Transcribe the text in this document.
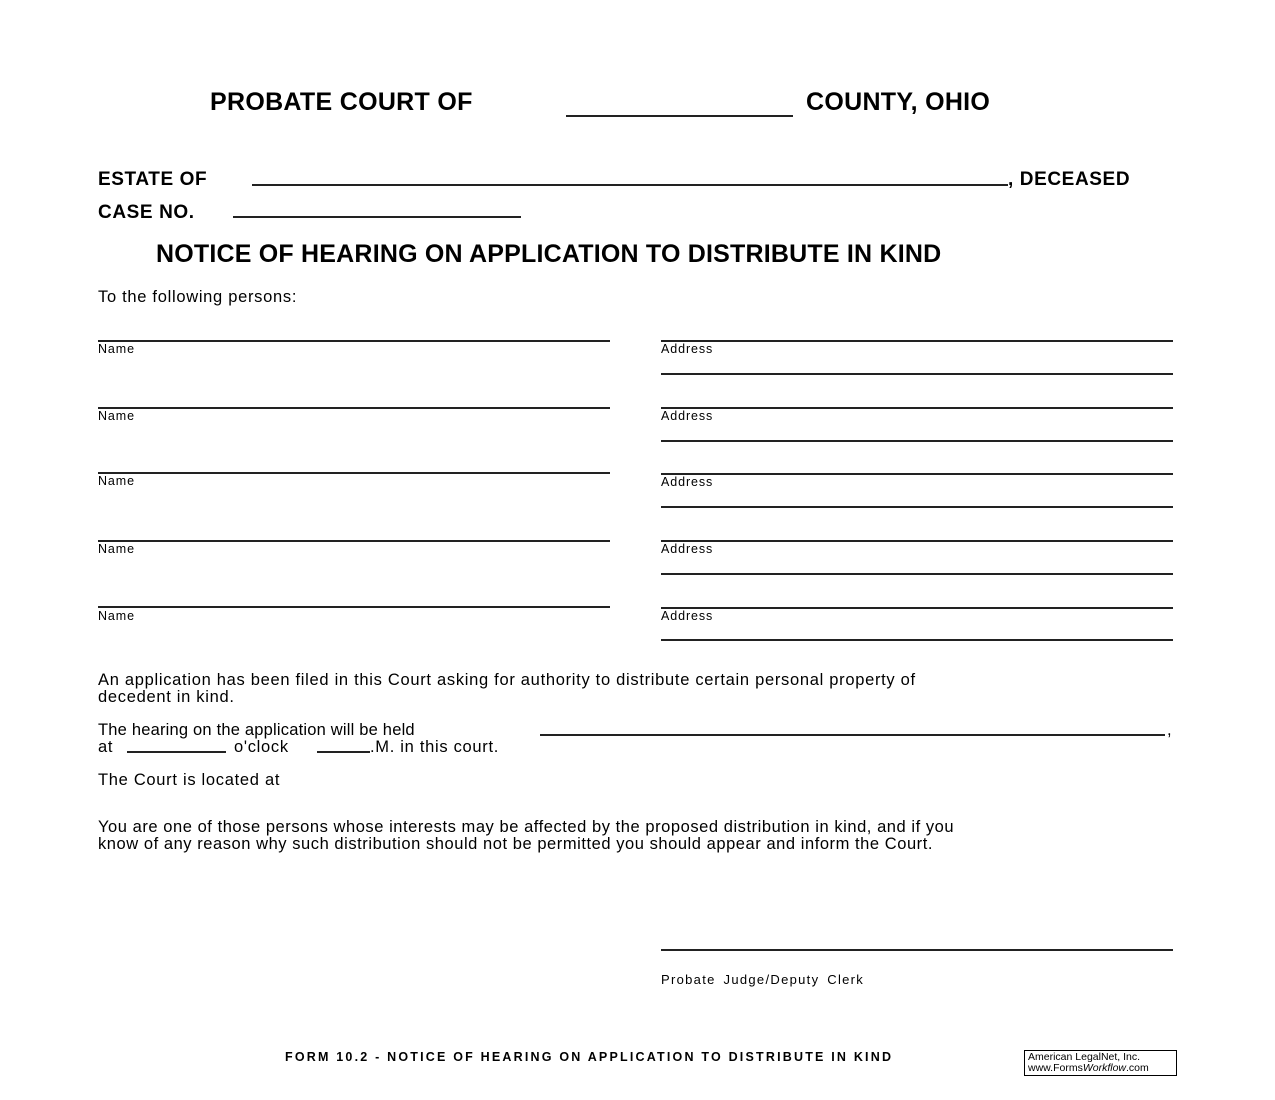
PROBATE COURT OF	COUNTY, OHIO
ESTATE OF	, DECEASED
CASE NO.
NOTICE OF HEARING ON APPLICATION TO DISTRIBUTE IN KIND
To the following persons:
Name	Address
Name	Address
Name	Address
Name	Address
Name	Address
An application has been filed in this Court asking for authority to distribute certain personal property of
decedent in kind.
The hearing on the application will be held	,
at	o'clock	.M. in this court.
The Court is located at
You are one of those persons whose interests may be affected by the proposed distribution in kind, and if you
know of any reason why such distribution should not be permitted you should appear and inform the Court.
Probate Judge/Deputy Clerk
FORM 10.2 - NOTICE OF HEARING ON APPLICATION TO DISTRIBUTE IN KIND	American LegalNet, Inc.
www.FormsWorkflow.com
